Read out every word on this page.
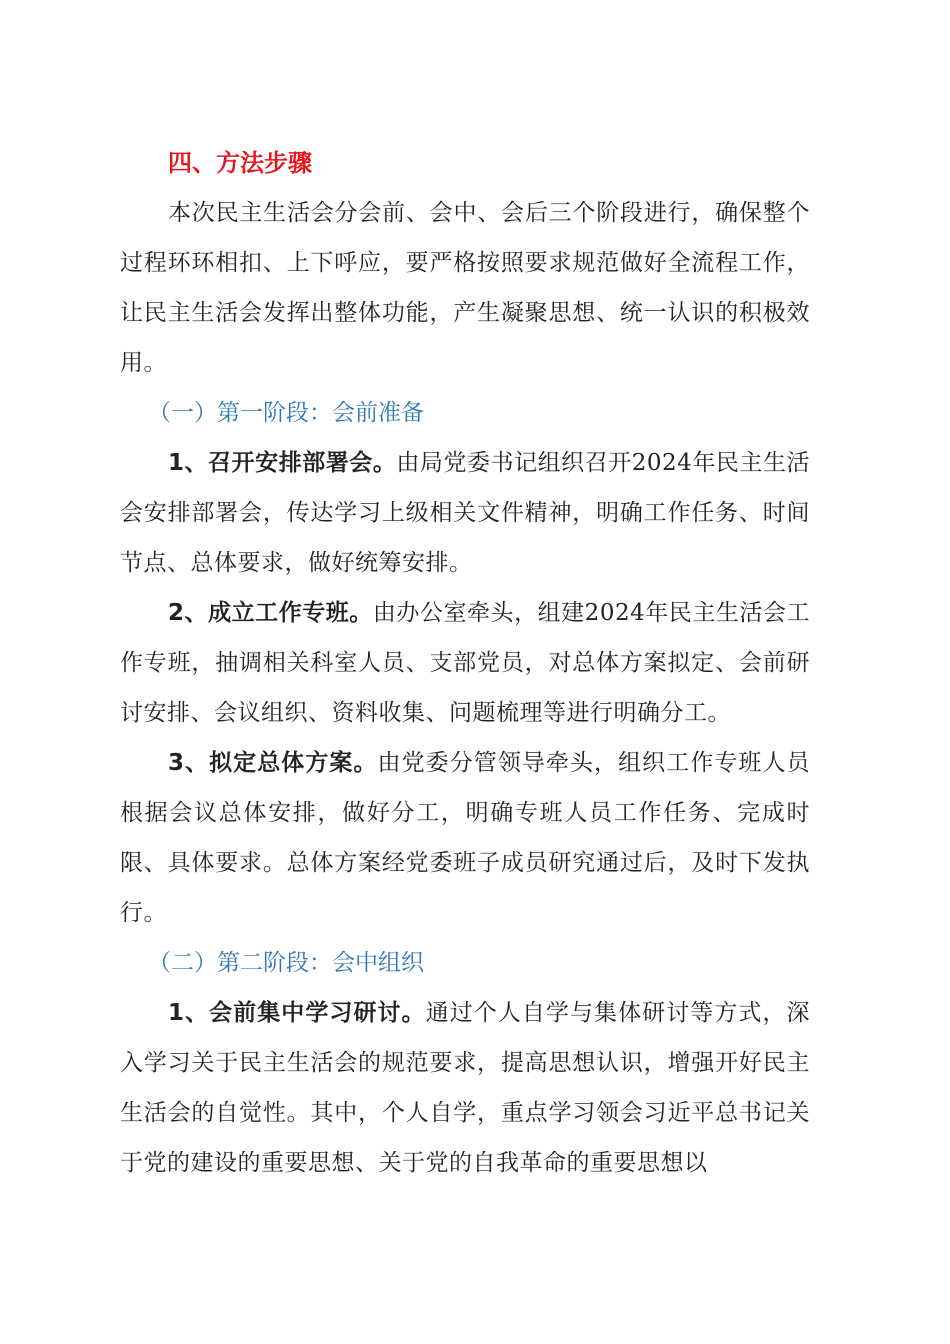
四、方法步骤

本次民主生活会分会前、会中、会后三个阶段进行，确保整个过程环环相扣、上下呼应，要严格按照要求规范做好全流程工作，让民主生活会发挥出整体功能，产生凝聚思想、统一认识的积极效用。

（一）第一阶段：会前准备

1、召开安排部署会。由局党委书记组织召开2024年民主生活会安排部署会，传达学习上级相关文件精神，明确工作任务、时间节点、总体要求，做好统筹安排。

2、成立工作专班。由办公室牵头，组建2024年民主生活会工作专班，抽调相关科室人员、支部党员，对总体方案拟定、会前研讨安排、会议组织、资料收集、问题梳理等进行明确分工。

3、拟定总体方案。由党委分管领导牵头，组织工作专班人员根据会议总体安排，做好分工，明确专班人员工作任务、完成时限、具体要求。总体方案经党委班子成员研究通过后，及时下发执行。

（二）第二阶段：会中组织

1、会前集中学习研讨。通过个人自学与集体研讨等方式，深入学习关于民主生活会的规范要求，提高思想认识，增强开好民主生活会的自觉性。其中，个人自学，重点学习领会习近平总书记关于党的建设的重要思想、关于党的自我革命的重要思想以
